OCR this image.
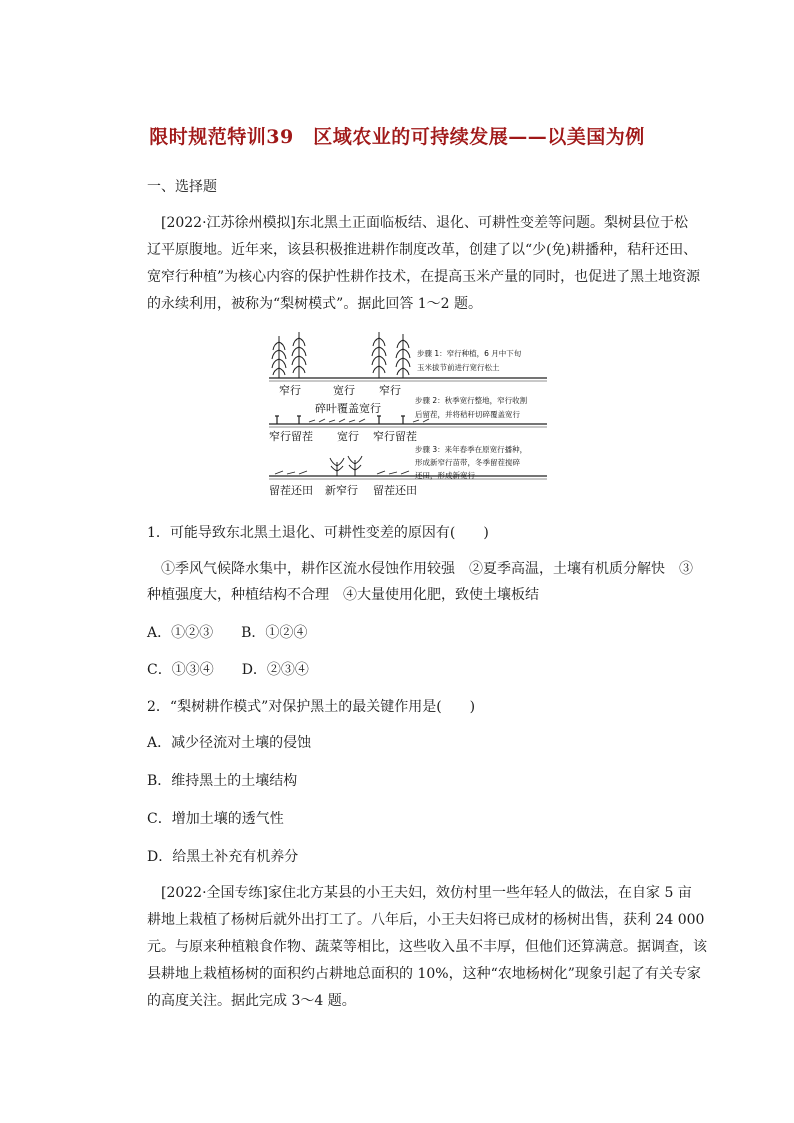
限时规范特训39　区域农业的可持续发展——以美国为例
一、选择题
[2022·江苏徐州模拟]东北黑土正面临板结、退化、可耕性变差等问题。梨树县位于松
辽平原腹地。近年来，该县积极推进耕作制度改革，创建了以“少(免)耕播种，秸秆还田、
宽窄行种植”为核心内容的保护性耕作技术，在提高玉米产量的同时，也促进了黑土地资源
的永续利用，被称为“梨树模式”。据此回答 1～2 题。
步骤 1：窄行种植，6 月中下旬
玉米拔节前进行宽行松土
窄行	宽行 窄行
碎叶覆盖宽行
步骤 2：秋季宽行整地，窄行收割
后留茬，并将秸秆切碎覆盖宽行
窄行留茬 宽行 窄行留茬
步骤 3：来年春季在原宽行播种，
形成新窄行苗带，冬季留茬搅碎
还田，形成新宽行
留茬还田 新窄行 留茬还田
1．可能导致东北黑土退化、可耕性变差的原因有(　　)
①季风气候降水集中，耕作区流水侵蚀作用较强　②夏季高温，土壤有机质分解快　③
种植强度大，种植结构不合理　④大量使用化肥，致使土壤板结
A．①②③　　B．①②④
C．①③④　　D．②③④
2．“梨树耕作模式”对保护黑土的最关键作用是(　　)
A．减少径流对土壤的侵蚀
B．维持黑土的土壤结构
C．增加土壤的透气性
D．给黑土补充有机养分
[2022·全国专练]家住北方某县的小王夫妇，效仿村里一些年轻人的做法，在自家 5 亩
耕地上栽植了杨树后就外出打工了。八年后，小王夫妇将已成材的杨树出售，获利 24 000
元。与原来种植粮食作物、蔬菜等相比，这些收入虽不丰厚，但他们还算满意。据调查，该
县耕地上栽植杨树的面积约占耕地总面积的 10%，这种“农地杨树化”现象引起了有关专家
的高度关注。据此完成 3～4 题。
